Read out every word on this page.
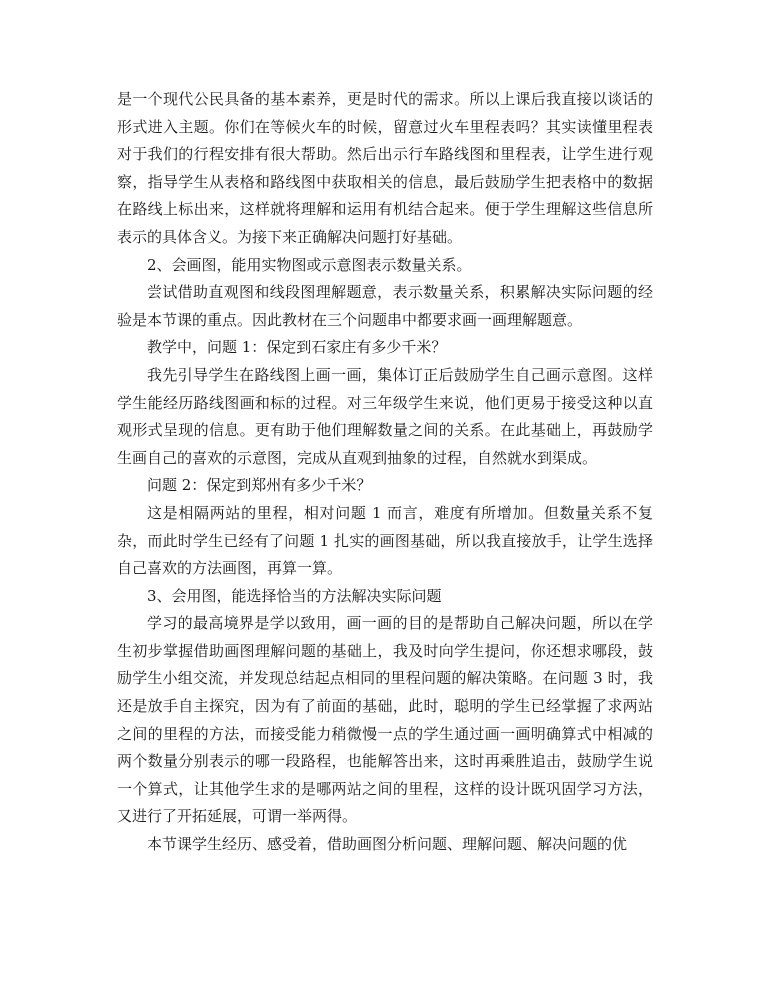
是一个现代公民具备的基本素养，更是时代的需求。所以上课后我直接以谈话的形式进入主题。你们在等候火车的时候，留意过火车里程表吗？其实读懂里程表对于我们的行程安排有很大帮助。然后出示行车路线图和里程表，让学生进行观察，指导学生从表格和路线图中获取相关的信息，最后鼓励学生把表格中的数据在路线上标出来，这样就将理解和运用有机结合起来。便于学生理解这些信息所表示的具体含义。为接下来正确解决问题打好基础。

2、会画图，能用实物图或示意图表示数量关系。

尝试借助直观图和线段图理解题意，表示数量关系，积累解决实际问题的经验是本节课的重点。因此教材在三个问题串中都要求画一画理解题意。

教学中，问题 1：保定到石家庄有多少千米？

我先引导学生在路线图上画一画，集体订正后鼓励学生自己画示意图。这样学生能经历路线图画和标的过程。对三年级学生来说，他们更易于接受这种以直观形式呈现的信息。更有助于他们理解数量之间的关系。在此基础上，再鼓励学生画自己的喜欢的示意图，完成从直观到抽象的过程，自然就水到渠成。

问题 2：保定到郑州有多少千米？

这是相隔两站的里程，相对问题 1 而言，难度有所增加。但数量关系不复杂，而此时学生已经有了问题 1 扎实的画图基础，所以我直接放手，让学生选择自己喜欢的方法画图，再算一算。

3、会用图，能选择恰当的方法解决实际问题

学习的最高境界是学以致用，画一画的目的是帮助自己解决问题，所以在学生初步掌握借助画图理解问题的基础上，我及时向学生提问，你还想求哪段，鼓励学生小组交流，并发现总结起点相同的里程问题的解决策略。在问题 3 时，我还是放手自主探究，因为有了前面的基础，此时，聪明的学生已经掌握了求两站之间的里程的方法，而接受能力稍微慢一点的学生通过画一画明确算式中相减的两个数量分别表示的哪一段路程，也能解答出来，这时再乘胜追击，鼓励学生说一个算式，让其他学生求的是哪两站之间的里程，这样的设计既巩固学习方法，又进行了开拓延展，可谓一举两得。

本节课学生经历、感受着，借助画图分析问题、理解问题、解决问题的优
